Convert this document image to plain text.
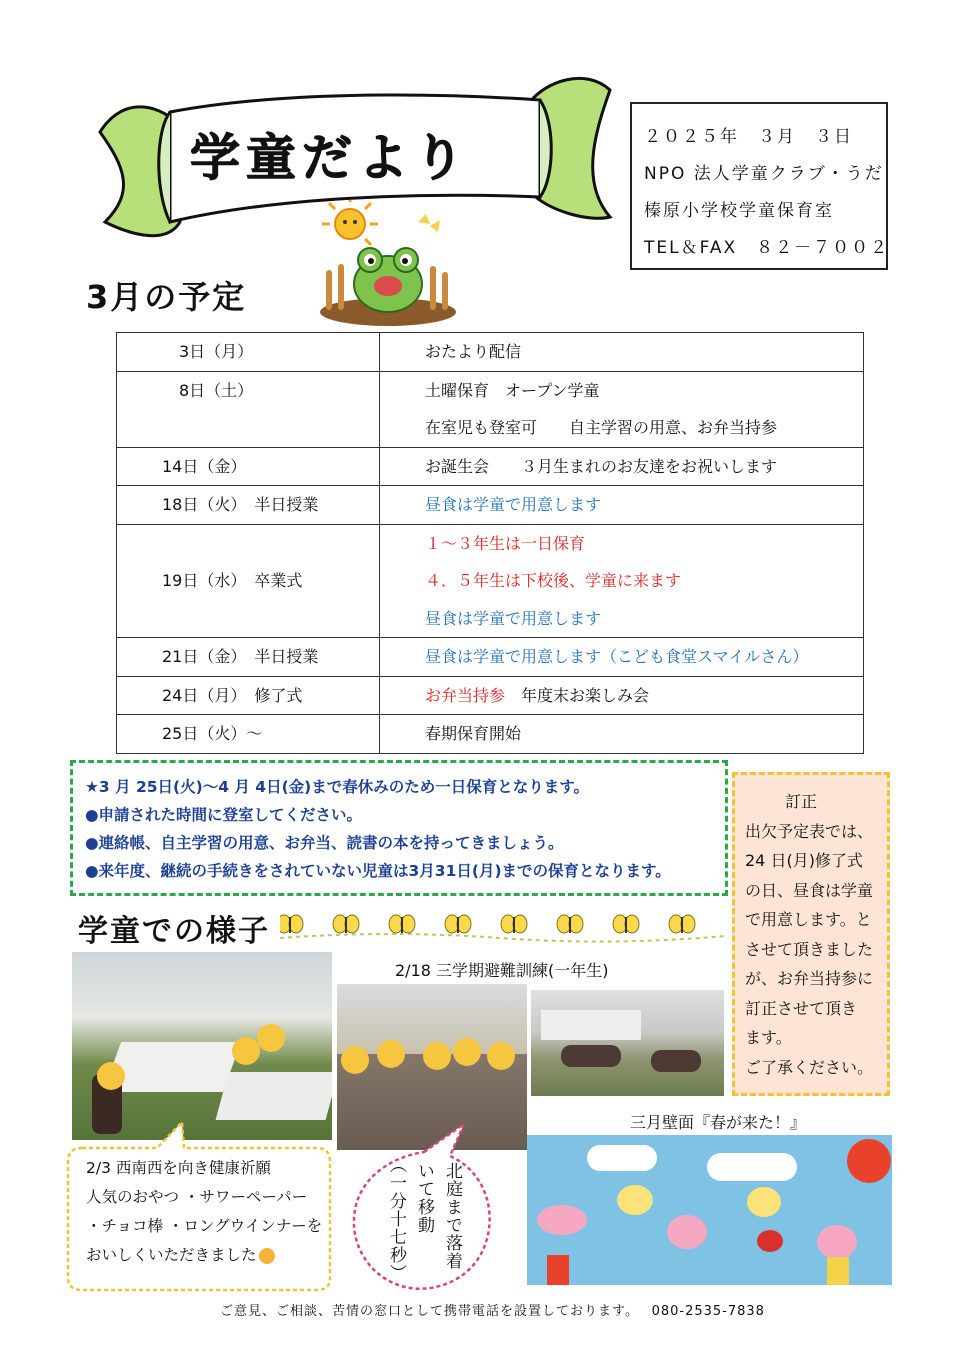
学童だより	２０２５年　３月　３日
NPO 法人学童クラブ・うだ
榛原小学校学童保育室
TEL＆FAX　８２－７００２
3月の予定
3日（月）	おたより配信

8日（土）	土曜保育　オープン学童
在室児も登室可　　自主学習の用意、お弁当持参

14日（金）	お誕生会　　３月生まれのお友達をお祝いします

18日（火）　半日授業	昼食は学童で用意します

19日（水）　卒業式	１～３年生は一日保育
４．５年生は下校後、学童に来ます
昼食は学童で用意します

21日（金）　半日授業	昼食は学童で用意します（こども食堂スマイルさん）

24日（月）　修了式	お弁当持参　年度末お楽しみ会

25日（火）～	春期保育開始
★3 月 25日(火)～4 月 4日(金)まで春休みのため一日保育となります。
●申請された時間に登室してください。
●連絡帳、自主学習の用意、お弁当、読書の本を持ってきましょう。
●来年度、継続の手続きをされていない児童は3月31日(月)までの保育となります。
訂正
出欠予定表では、
24 日(月)修了式
の日、昼食は学童
で用意します。と
させて頂きました
が、お弁当持参に
訂正させて頂き
ます。
ご了承ください。
学童での様子
2/18 三学期避難訓練(一年生)
三月壁面『春が来た！』
2/3 西南西を向き健康祈願
人気のおやつ ・サワーペーパー
・チョコ棒 ・ロングウインナーを
おいしくいただきました	北庭まで落着
いて移動
（一分十七秒）
ご意見、ご相談、苦情の窓口として携帯電話を設置しております。　 080-2535-7838
